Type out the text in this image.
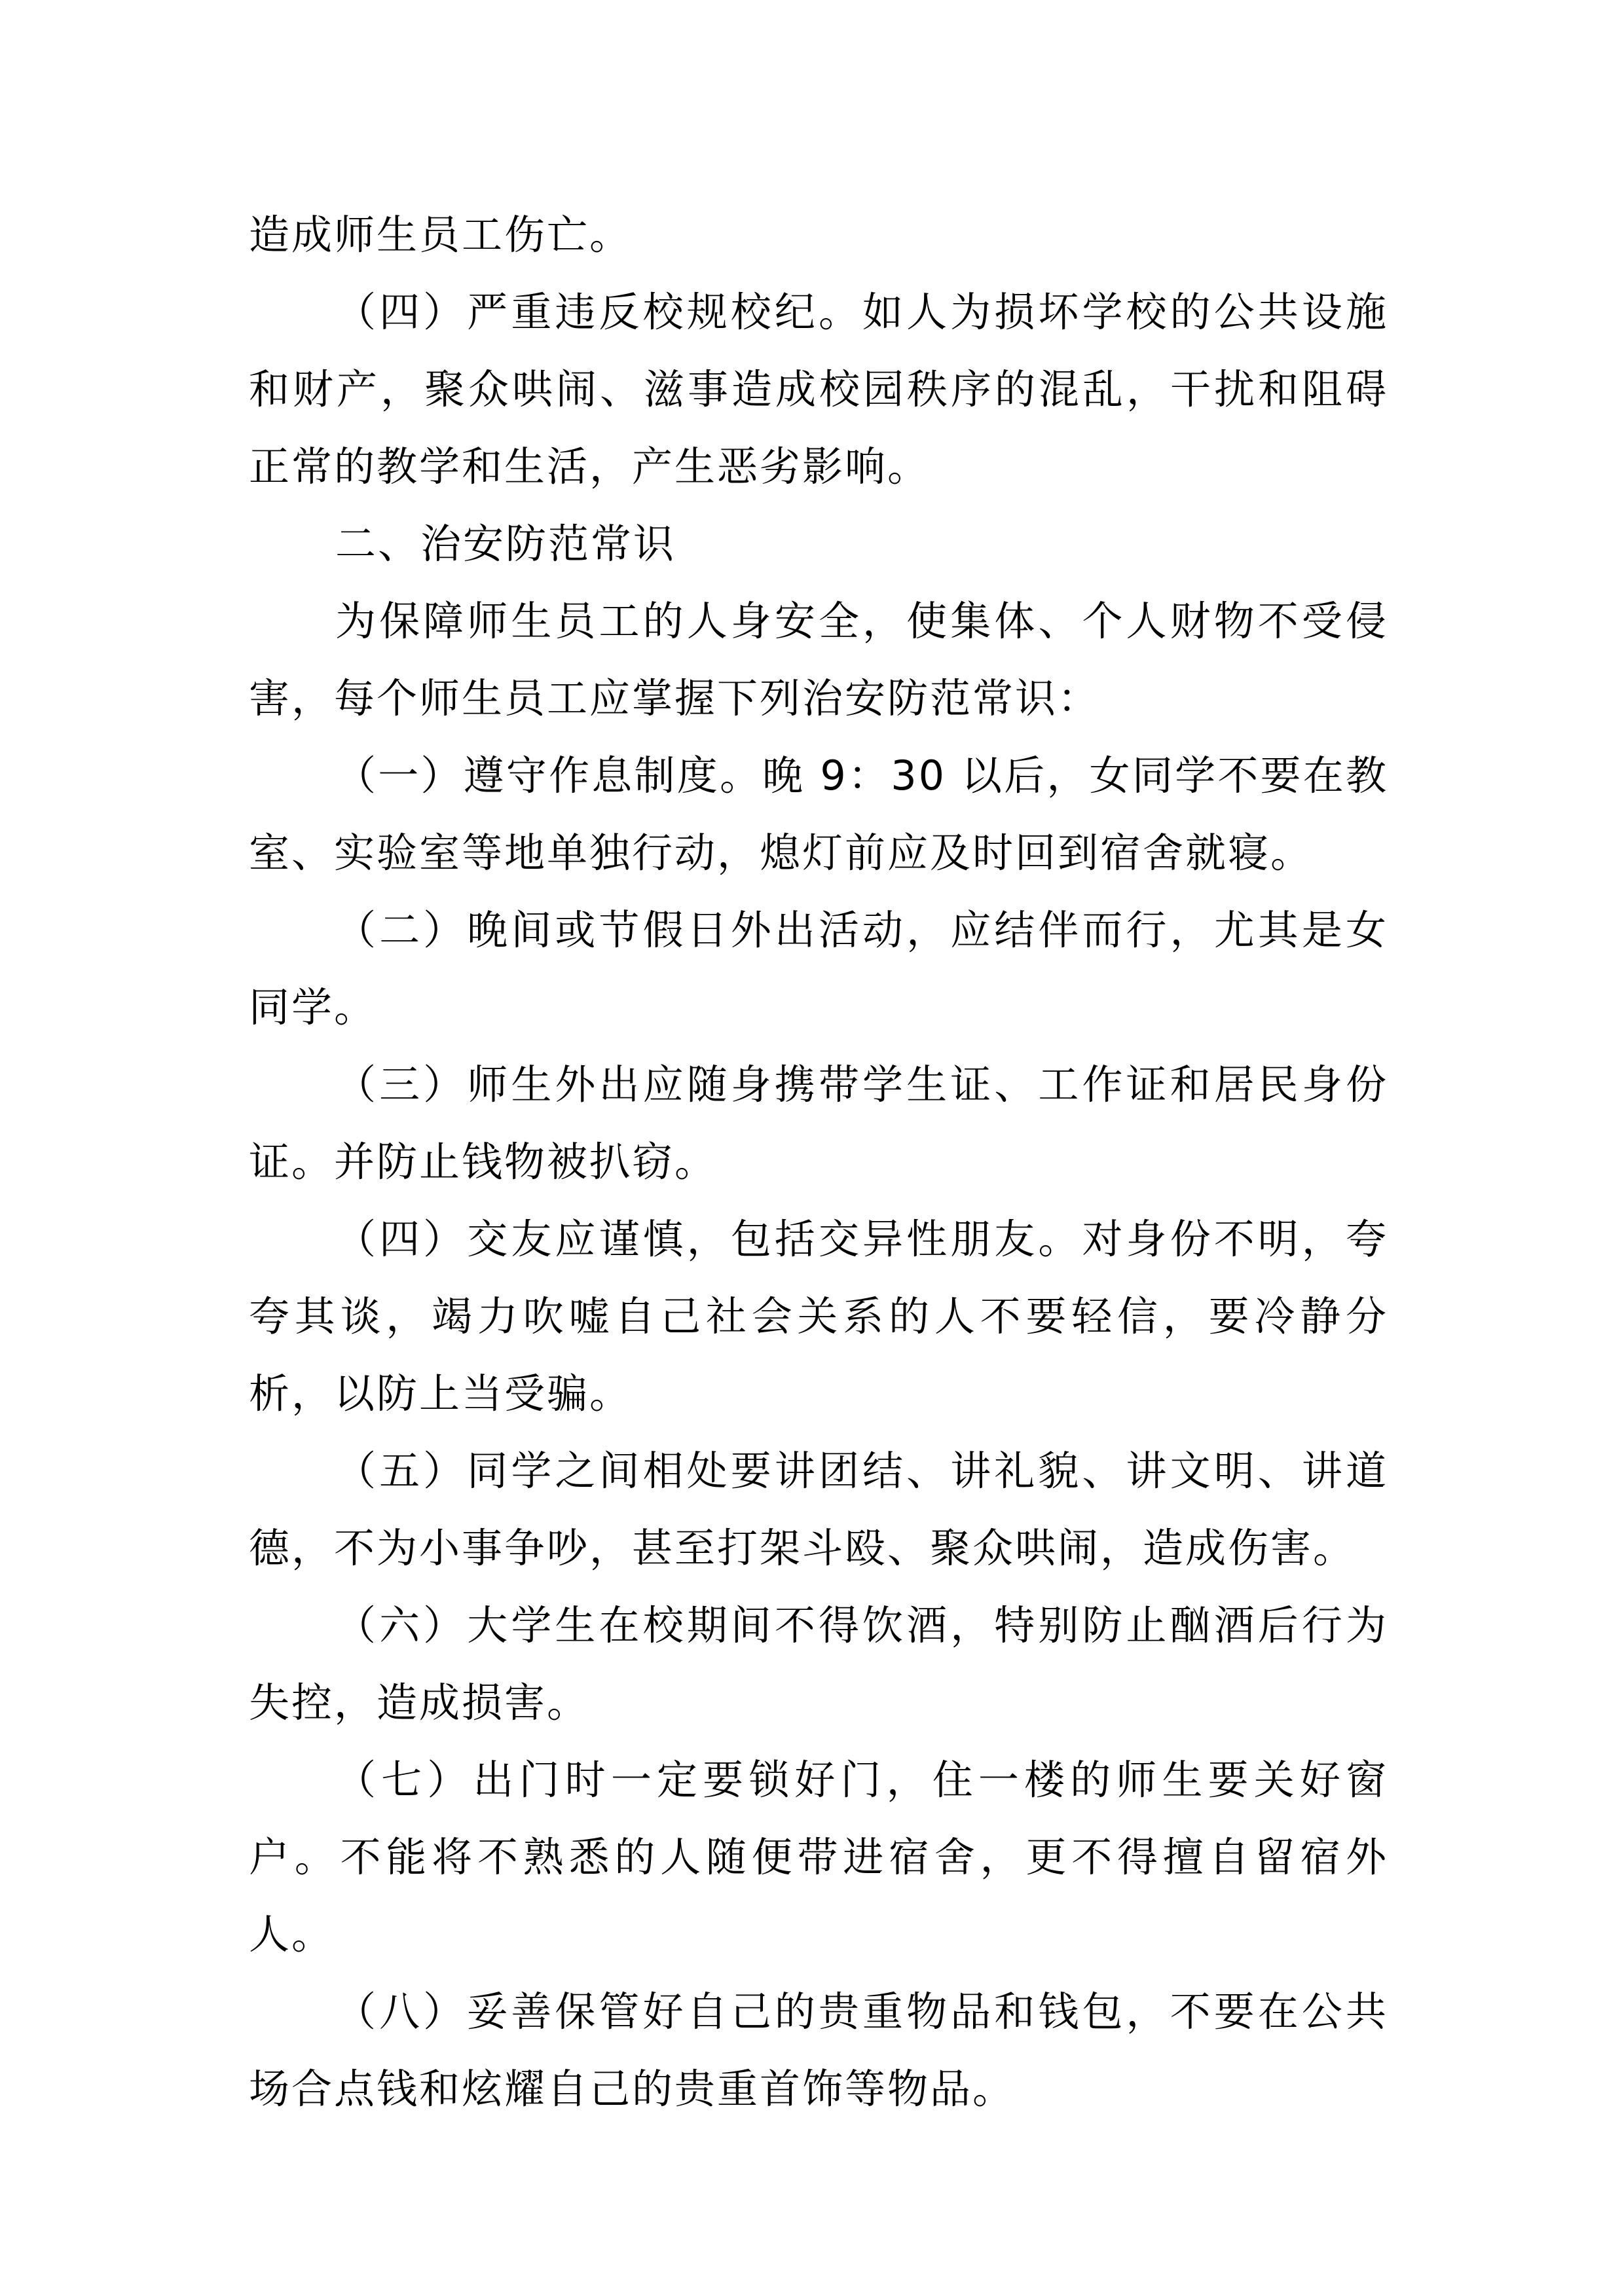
造成师生员工伤亡。

（四）严重违反校规校纪。如人为损坏学校的公共设施和财产，聚众哄闹、滋事造成校园秩序的混乱，干扰和阻碍正常的教学和生活，产生恶劣影响。

二、治安防范常识

为保障师生员工的人身安全，使集体、个人财物不受侵害，每个师生员工应掌握下列治安防范常识：

（一）遵守作息制度。晚 9：30 以后，女同学不要在教室、实验室等地单独行动，熄灯前应及时回到宿舍就寝。

（二）晚间或节假日外出活动，应结伴而行，尤其是女同学。

（三）师生外出应随身携带学生证、工作证和居民身份证。并防止钱物被扒窃。

（四）交友应谨慎，包括交异性朋友。对身份不明，夸夸其谈，竭力吹嘘自己社会关系的人不要轻信，要冷静分析，以防上当受骗。

（五）同学之间相处要讲团结、讲礼貌、讲文明、讲道德，不为小事争吵，甚至打架斗殴、聚众哄闹，造成伤害。

（六）大学生在校期间不得饮酒，特别防止酗酒后行为失控，造成损害。

（七）出门时一定要锁好门，住一楼的师生要关好窗户。不能将不熟悉的人随便带进宿舍，更不得擅自留宿外人。

（八）妥善保管好自己的贵重物品和钱包，不要在公共场合点钱和炫耀自己的贵重首饰等物品。
